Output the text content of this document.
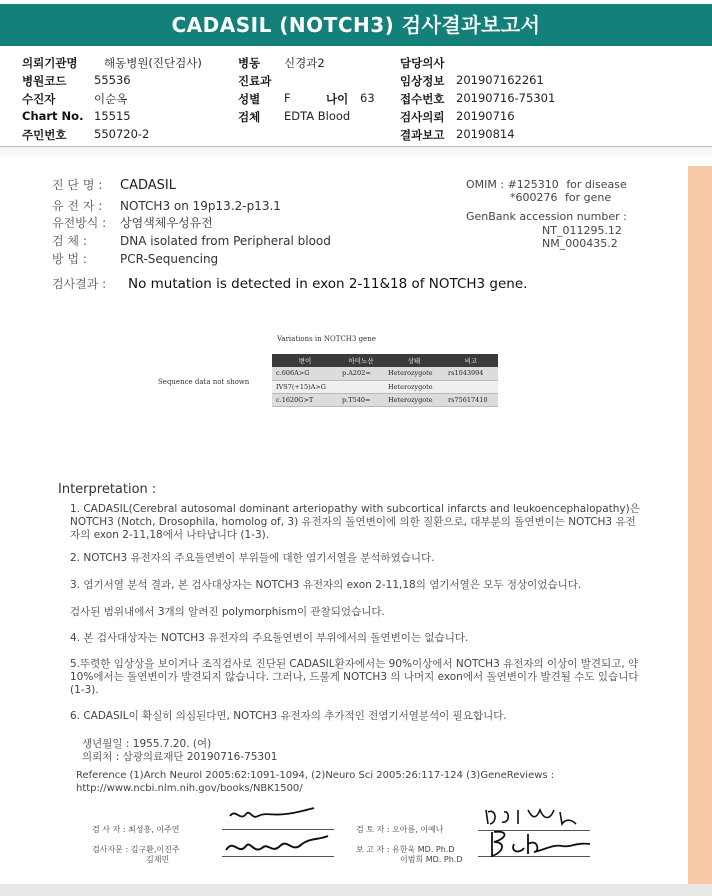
CADASIL (NOTCH3) 검사결과보고서
의뢰기관명 해동병원(진단검사)	병동 신경과2	담당의사
병원코드 55536	진료과	임상정보 201907162261
수진자	이순옥	성별 F	나이 63 접수번호 20190716-75301
Chart No. 15515	검체 EDTA Blood	검사의뢰 20190716
주민번호 550720-2	결과보고 20190814
진 단 명 : CADASIL
유 전 자 : NOTCH3 on 19p13.2-p13.1
유전방식 : 상염색체우성유전
검 체 :	DNA isolated from Peripheral blood
방 법 :	PCR-Sequencing
OMIM : #125310 for disease
*600276 for gene
GenBank accession number :
NT_011295.12
NM_000435.2
검사결과 : No mutation is detected in exon 2-11&18 of NOTCH3 gene.
Variations in NOTCH3 gene
Sequence data not shown
변이	아미노산	상태	비고
c.606A>G	p.A202=	Heterozygote	rs1043994
IVS7(+15)A>G		Heterozygote	
c.1620G>T	p.T540=	Heterozygote	rs75617410
Interpretation :

1. CADASIL(Cerebral autosomal dominant arteriopathy with subcortical infarcts and leukoencephalopathy)은 NOTCH3 (Notch, Drosophila, homolog of, 3) 유전자의 돌연변이에 의한 질환으로, 대부분의 돌연변이는 NOTCH3 유전자의 exon 2-11,18에서 나타납니다 (1-3).

2. NOTCH3 유전자의 주요돌연변이 부위들에 대한 염기서열을 분석하였습니다.

3. 염기서열 분석 결과, 본 검사대상자는 NOTCH3 유전자의 exon 2-11,18의 염기서열은 모두 정상이었습니다.

검사된 범위내에서 3개의 알려진 polymorphism이 관찰되었습니다.

4. 본 검사대상자는 NOTCH3 유전자의 주요돌연변이 부위에서의 돌연변이는 없습니다.

5.뚜렷한 임상상을 보이거나 조직검사로 진단된 CADASIL환자에서는 90%이상에서 NOTCH3 유전자의 이상이 발견되고, 약 10%에서는 돌연변이가 발견되지 않습니다. 그러나, 드물게 NOTCH3 의 나머지 exon에서 돌연변이가 발견될 수도 있습니다 (1-3).

6. CADASIL이 확실히 의심된다면, NOTCH3 유전자의 추가적인 전염기서열분석이 필요합니다.

생년월일 : 1955.7.20. (여)
의뢰처 : 삼광의료재단 20190716-75301
Reference (1)Arch Neurol 2005:62:1091-1094, (2)Neuro Sci 2005:26:117-124 (3)GeneReviews : http://www.ncbi.nlm.nih.gov/books/NBK1500/
검 사 자 : 최성흥, 이주연
검사자문 : 김구환,이진주
김재민
검 토 자 : 오아름, 이예나
보 고 자 : 유한욱 MD. Ph.D
이범희 MD. Ph.D
